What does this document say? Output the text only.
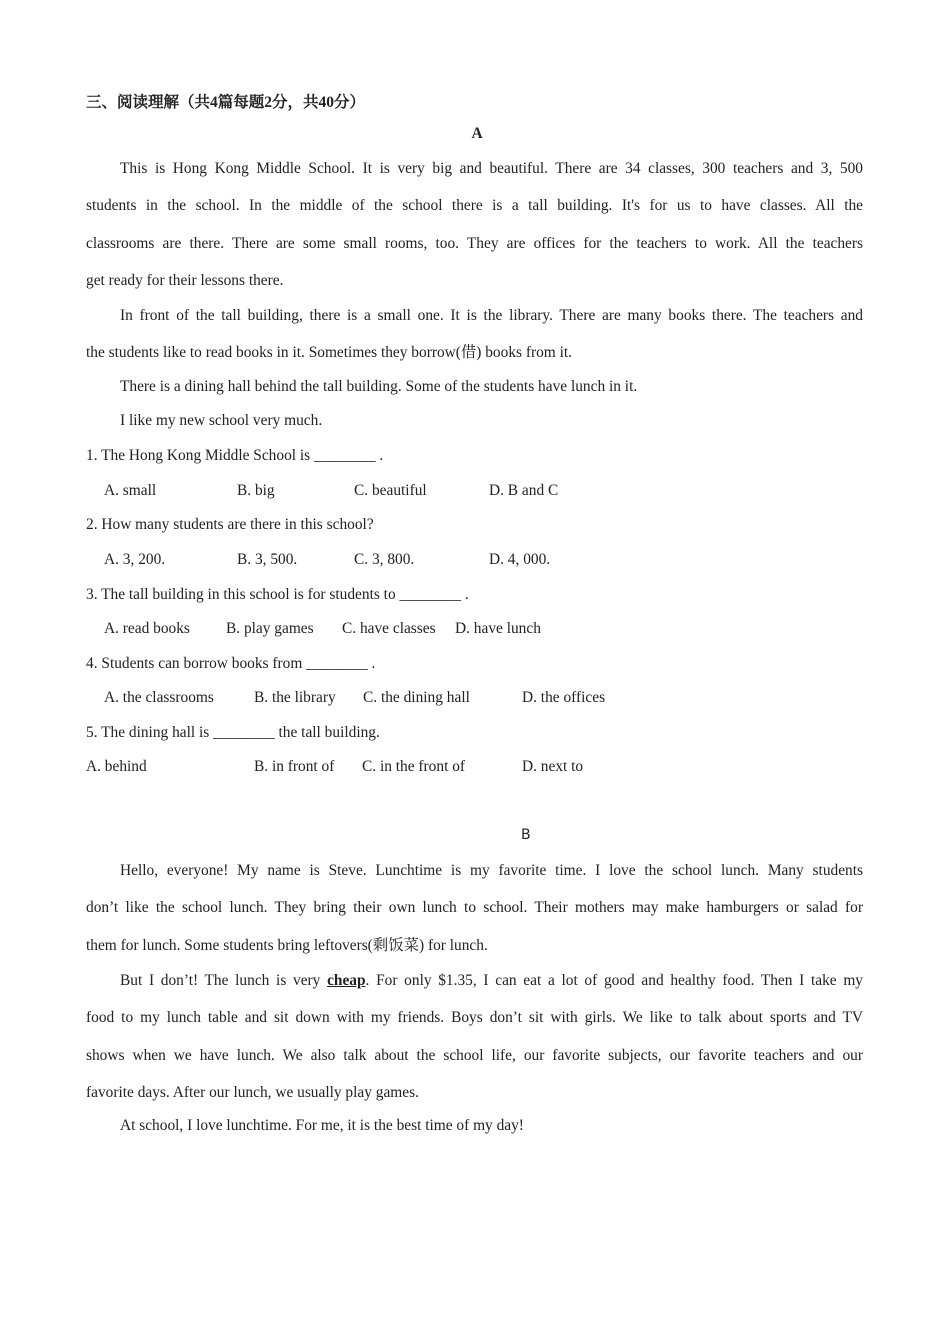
三、阅读理解（共4篇每题2分，共40分）
A
This is Hong Kong Middle School. It is very big and beautiful. There are 34 classes, 300 teachers and 3, 500
students in the school. In the middle of the school there is a tall building. It's for us to have classes. All the
classrooms are there. There are some small rooms, too. They are offices for the teachers to work. All the teachers
get ready for their lessons there.
In front of the tall building, there is a small one. It is the library. There are many books there. The teachers and
the students like to read books in it. Sometimes they borrow(借) books from it.
There is a dining hall behind the tall building. Some of the students have lunch in it.
I like my new school very much.
1. The Hong Kong Middle School is ________ .
A. small	B. big	C. beautiful	D. B and C
2. How many students are there in this school?
A. 3, 200.	B. 3, 500.	C. 3, 800.	D. 4, 000.
3. The tall building in this school is for students to ________ .
A. read books B. play games C. have classes D. have lunch
4. Students can borrow books from ________ .
A. the classrooms	B. the library C. the dining hall	D. the offices
5. The dining hall is ________ the tall building.
A. behind	B. in front of C. in the front of	D. next to
B
Hello, everyone! My name is Steve. Lunchtime is my favorite time. I love the school lunch. Many students
don’t like the school lunch. They bring their own lunch to school. Their mothers may make hamburgers or salad for
them for lunch. Some students bring leftovers(剩饭菜) for lunch.
But I don’t! The lunch is very cheap. For only $1.35, I can eat a lot of good and healthy food. Then I take my
food to my lunch table and sit down with my friends. Boys don’t sit with girls. We like to talk about sports and TV
shows when we have lunch. We also talk about the school life, our favorite subjects, our favorite teachers and our
favorite days. After our lunch, we usually play games.
At school, I love lunchtime. For me, it is the best time of my day!
